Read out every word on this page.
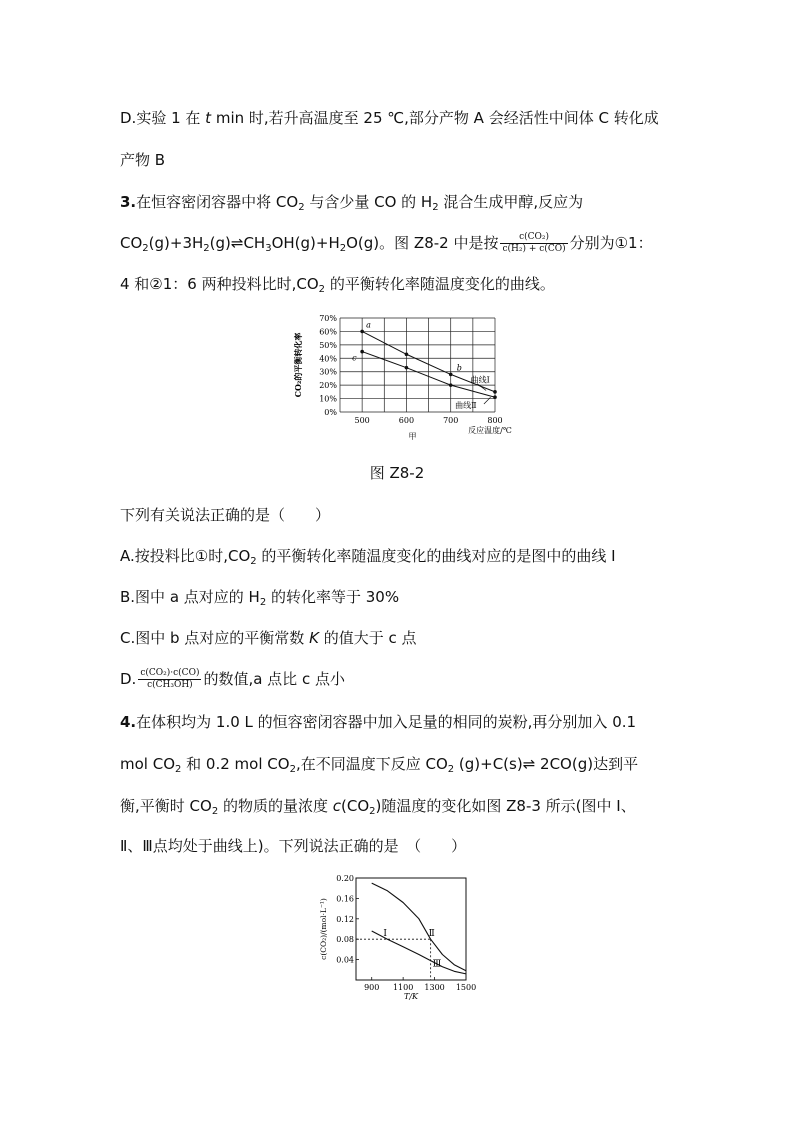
D.实验 1 在 t min 时,若升高温度至 25 ℃,部分产物 A 会经活性中间体 C 转化成
产物 B
3.在恒容密闭容器中将 $CO_2$ 与含少量 CO 的 $H_2$ 混合生成甲醇,反应为
$CO_2(g)+3H_2(g)\rightleftharpoons CH_3OH(g)+H_2O(g)$。图 Z8-2 中是按 $\frac{\text{c(CO₂)}}{\text{c(H₂) + c(CO)}}$ 分别为①1：
4 和②1：6 两种投料比时$,CO_2$ 的平衡转化率随温度变化的曲线。
0%
10%
20%
30%
40%
50%
60%
70%
500	600	700	800
CO₂的平衡转化率
反应温度/℃
甲
曲线Ⅰ
曲线Ⅱ
a
b
c
图 Z8-2
下列有关说法正确的是（　　）
A.按投料比①时$,CO_2$ 的平衡转化率随温度变化的曲线对应的是图中的曲线 Ⅰ
B.图中 a 点对应的 $H_2$ 的转化率等于 30%
C.图中 b 点对应的平衡常数 K 的值大于 c 点
D. $\frac{\text{c(CO₂)·c(CO)}}{\text{c(CH₃OH)}}$ 的数值,a 点比 c 点小
4.在体积均为 1.0 L 的恒容密闭容器中加入足量的相同的炭粉,再分别加入 0.1
mol $CO_2$ 和 0.2 mol $CO_2$,在不同温度下反应 $CO_2$ (g)+C(s)⇌ 2CO(g)达到平
衡,平衡时 $CO_2$ 的物质的量浓度 $c(CO_2)$随温度的变化如图 Z8-3 所示(图中 Ⅰ、
Ⅱ、Ⅲ点均处于曲线上)。下列说法正确的是　（　　）
0.04
0.08
0.12
0.16
0.20
900 1100 1300 1500
c(CO₂)/(mol·L⁻¹)
T/K
Ⅰ	Ⅱ
Ⅲ
